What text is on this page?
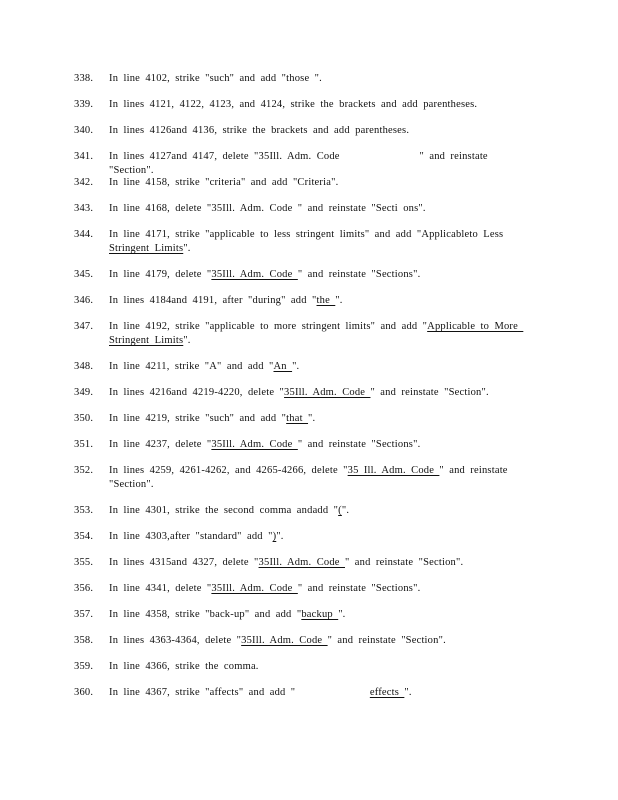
338.	In line 4102, strike "such" and add "those ".
339.	In lines 4121, 4122, 4123, and 4124, strike the brackets and add parentheses.
340.	In lines 4126and 4136, strike the brackets and add parentheses.
341.	In lines 4127and 4147, delete "35Ill. Adm. Code               " and reinstate "Section".
342.	In line 4158, strike "criteria" and add "Criteria".
343.	In line 4168, delete "35Ill. Adm. Code " and reinstate "Secti ons".
344.	In line 4171, strike "applicable to less stringent limits" and add "Applicableto Less Stringent Limits".
345.	In line 4179, delete "35Ill. Adm. Code " and reinstate "Sections".
346.	In lines 4184and 4191, after "during" add "the ".
347.	In line 4192, strike "applicable to more stringent limits" and add "Applicable to More Stringent Limits".
348.	In line 4211, strike "A" and add "An ".
349.	In lines 4216and 4219-4220, delete "35Ill. Adm. Code " and reinstate "Section".
350.	In line 4219, strike "such" and add "that ".
351.	In line 4237, delete "35Ill. Adm. Code " and reinstate "Sections".
352.	In lines 4259, 4261-4262, and 4265-4266, delete "35 Ill. Adm. Code " and reinstate "Section".
353.	In line 4301, strike the second comma andadd "(".
354.	In line 4303,after "standard" add ")".
355.	In lines 4315and 4327, delete "35Ill. Adm. Code " and reinstate "Section".
356.	In line 4341, delete "35Ill. Adm. Code " and reinstate "Sections".
357.	In line 4358, strike "back-up" and add "backup ".
358.	In lines 4363-4364, delete "35Ill. Adm. Code " and reinstate "Section".
359.	In line 4366, strike the comma.
360.	In line 4367, strike "affects" and add "              effects ".
